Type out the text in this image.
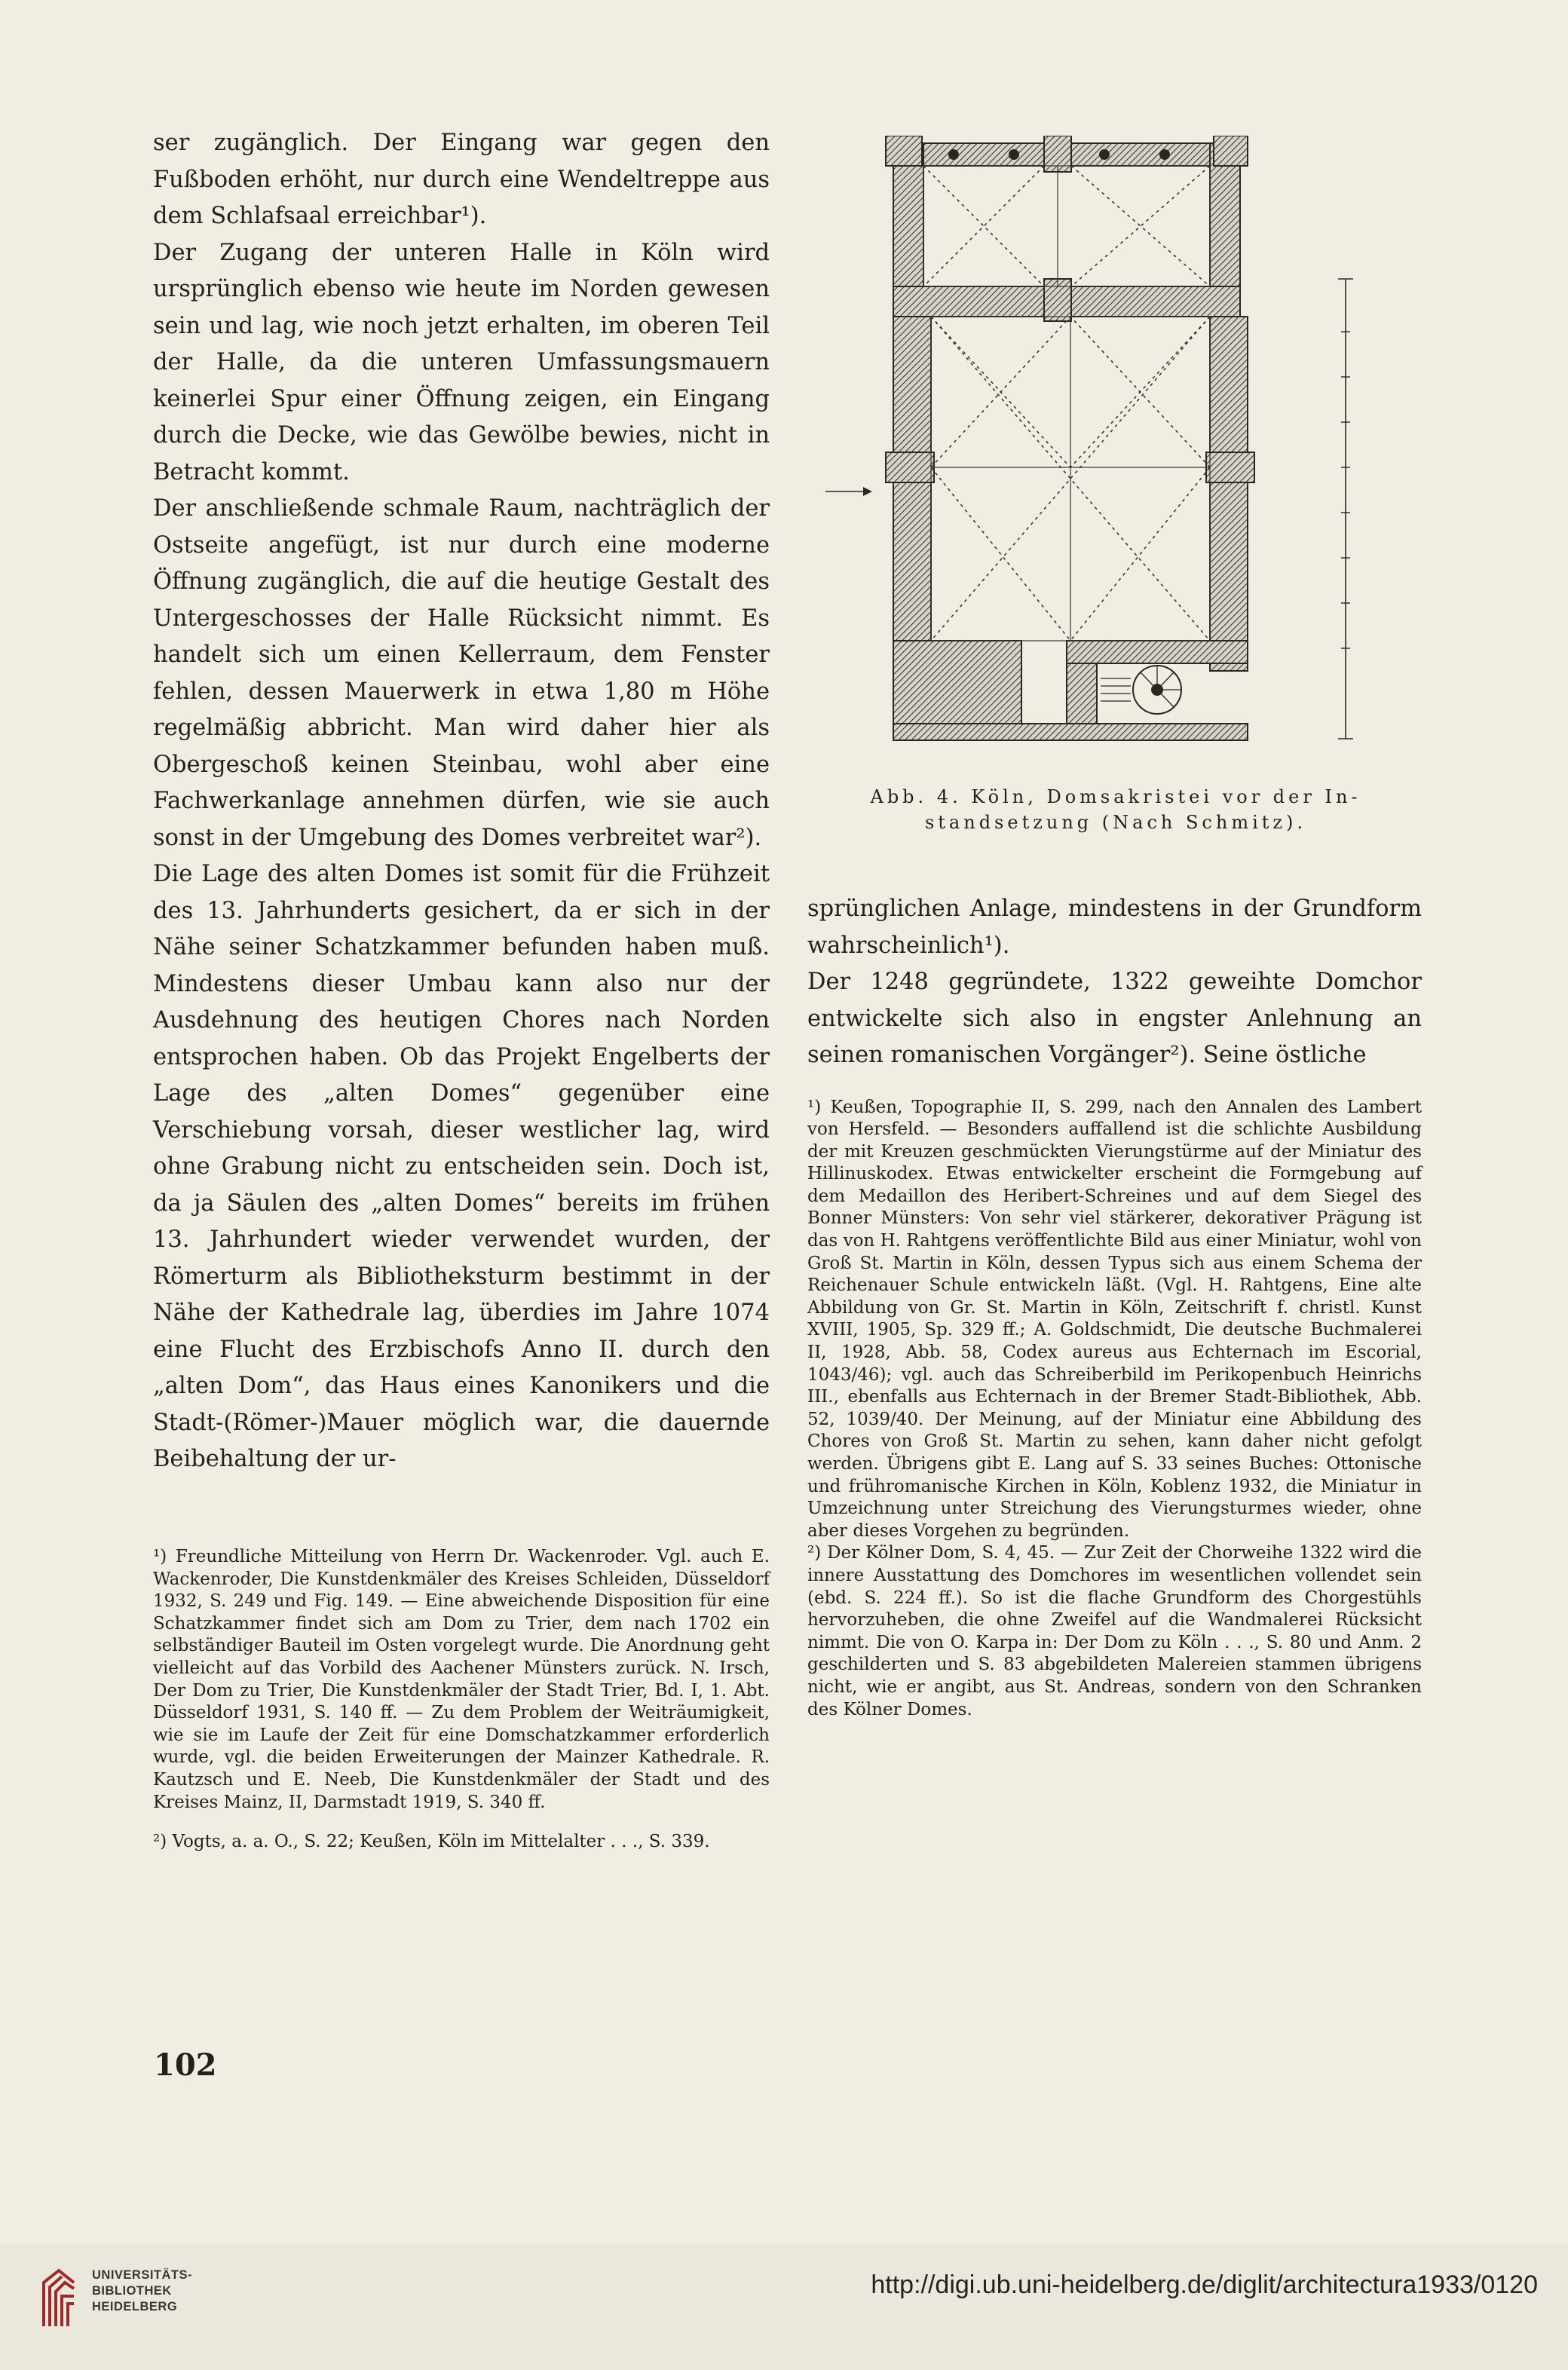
ser zugänglich. Der Eingang war gegen den Fußboden erhöht, nur durch eine Wendeltreppe aus dem Schlafsaal erreichbar¹).

Der Zugang der unteren Halle in Köln wird ursprünglich ebenso wie heute im Norden gewesen sein und lag, wie noch jetzt erhalten, im oberen Teil der Halle, da die unteren Umfassungsmauern keinerlei Spur einer Öffnung zeigen, ein Eingang durch die Decke, wie das Gewölbe bewies, nicht in Betracht kommt.

Der anschließende schmale Raum, nachträglich der Ostseite angefügt, ist nur durch eine moderne Öffnung zugänglich, die auf die heutige Gestalt des Untergeschosses der Halle Rücksicht nimmt. Es handelt sich um einen Kellerraum, dem Fenster fehlen, dessen Mauerwerk in etwa 1,80 m Höhe regelmäßig abbricht. Man wird daher hier als Obergeschoß keinen Steinbau, wohl aber eine Fachwerkanlage annehmen dürfen, wie sie auch sonst in der Umgebung des Domes verbreitet war²).

Die Lage des alten Domes ist somit für die Frühzeit des 13. Jahrhunderts gesichert, da er sich in der Nähe seiner Schatzkammer befunden haben muß. Mindestens dieser Umbau kann also nur der Ausdehnung des heutigen Chores nach Norden entsprochen haben. Ob das Projekt Engelberts der Lage des „alten Domes“ gegenüber eine Verschiebung vorsah, dieser westlicher lag, wird ohne Grabung nicht zu entscheiden sein. Doch ist, da ja Säulen des „alten Domes“ bereits im frühen 13. Jahrhundert wieder verwendet wurden, der Römerturm als Bibliotheksturm bestimmt in der Nähe der Kathedrale lag, überdies im Jahre 1074 eine Flucht des Erzbischofs Anno II. durch den „alten Dom“, das Haus eines Kanonikers und die Stadt-(Römer-)Mauer möglich war, die dauernde Beibehaltung der ur-

¹) Freundliche Mitteilung von Herrn Dr. Wackenroder. Vgl. auch E. Wackenroder, Die Kunstdenkmäler des Kreises Schleiden, Düsseldorf 1932, S. 249 und Fig. 149. — Eine abweichende Disposition für eine Schatzkammer findet sich am Dom zu Trier, dem nach 1702 ein selbständiger Bauteil im Osten vorgelegt wurde. Die Anordnung geht vielleicht auf das Vorbild des Aachener Münsters zurück. N. Irsch, Der Dom zu Trier, Die Kunstdenkmäler der Stadt Trier, Bd. I, 1. Abt. Düsseldorf 1931, S. 140 ff. — Zu dem Problem der Weiträumigkeit, wie sie im Laufe der Zeit für eine Domschatzkammer erforderlich wurde, vgl. die beiden Erweiterungen der Mainzer Kathedrale. R. Kautzsch und E. Neeb, Die Kunstdenkmäler der Stadt und des Kreises Mainz, II, Darmstadt 1919, S. 340 ff.

²) Vogts, a. a. O., S. 22; Keußen, Köln im Mittelalter . . ., S. 339.

Abb. 4. Köln, Domsakristei vor der In-
standsetzung (Nach Schmitz).

sprünglichen Anlage, mindestens in der Grundform wahrscheinlich¹).

Der 1248 gegründete, 1322 geweihte Domchor entwickelte sich also in engster Anlehnung an seinen romanischen Vorgänger²). Seine östliche

¹) Keußen, Topographie II, S. 299, nach den Annalen des Lambert von Hersfeld. — Besonders auffallend ist die schlichte Ausbildung der mit Kreuzen geschmückten Vierungstürme auf der Miniatur des Hillinuskodex. Etwas entwickelter erscheint die Formgebung auf dem Medaillon des Heribert-Schreines und auf dem Siegel des Bonner Münsters: Von sehr viel stärkerer, dekorativer Prägung ist das von H. Rahtgens veröffentlichte Bild aus einer Miniatur, wohl von Groß St. Martin in Köln, dessen Typus sich aus einem Schema der Reichenauer Schule entwickeln läßt. (Vgl. H. Rahtgens, Eine alte Abbildung von Gr. St. Martin in Köln, Zeitschrift f. christl. Kunst XVIII, 1905, Sp. 329 ff.; A. Goldschmidt, Die deutsche Buchmalerei II, 1928, Abb. 58, Codex aureus aus Echternach im Escorial, 1043/46); vgl. auch das Schreiberbild im Perikopenbuch Heinrichs III., ebenfalls aus Echternach in der Bremer Stadt-Bibliothek, Abb. 52, 1039/40. Der Meinung, auf der Miniatur eine Abbildung des Chores von Groß St. Martin zu sehen, kann daher nicht gefolgt werden. Übrigens gibt E. Lang auf S. 33 seines Buches: Ottonische und frühromanische Kirchen in Köln, Koblenz 1932, die Miniatur in Umzeichnung unter Streichung des Vierungsturmes wieder, ohne aber dieses Vorgehen zu begründen.

²) Der Kölner Dom, S. 4, 45. — Zur Zeit der Chorweihe 1322 wird die innere Ausstattung des Domchores im wesentlichen vollendet sein (ebd. S. 224 ff.). So ist die flache Grundform des Chorgestühls hervorzuheben, die ohne Zweifel auf die Wandmalerei Rücksicht nimmt. Die von O. Karpa in: Der Dom zu Köln . . ., S. 80 und Anm. 2 geschilderten und S. 83 abgebildeten Malereien stammen übrigens nicht, wie er angibt, aus St. Andreas, sondern von den Schranken des Kölner Domes.

102
UNIVERSITÄTS-
BIBLIOTHEK
HEIDELBERG
http://digi.ub.uni-heidelberg.de/diglit/architectura1933/0120
